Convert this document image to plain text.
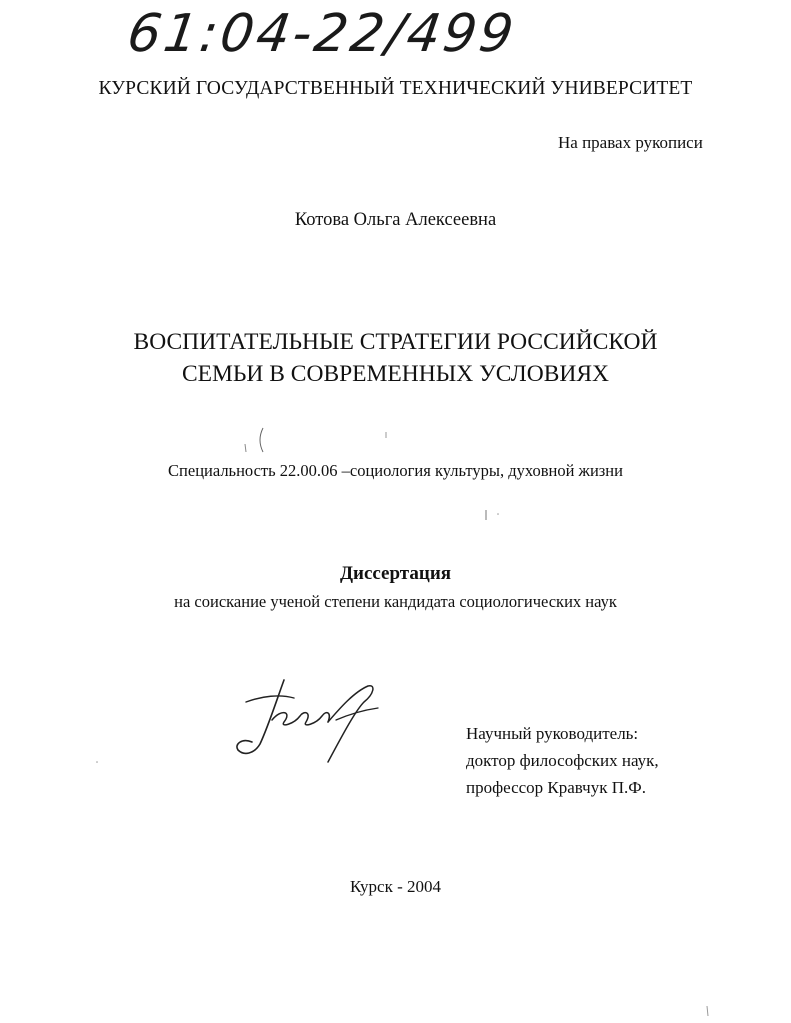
61:04-22/499
КУРСКИЙ ГОСУДАРСТВЕННЫЙ ТЕХНИЧЕСКИЙ УНИВЕРСИТЕТ
На правах рукописи
Котова Ольга Алексеевна
ВОСПИТАТЕЛЬНЫЕ СТРАТЕГИИ РОССИЙСКОЙ
СЕМЬИ В СОВРЕМЕННЫХ УСЛОВИЯХ
Специальность 22.00.06 –социология культуры, духовной жизни
Диссертация
на соискание ученой степени кандидата социологических наук
Научный руководитель:
доктор философских наук,
профессор Кравчук П.Ф.
Курск - 2004
